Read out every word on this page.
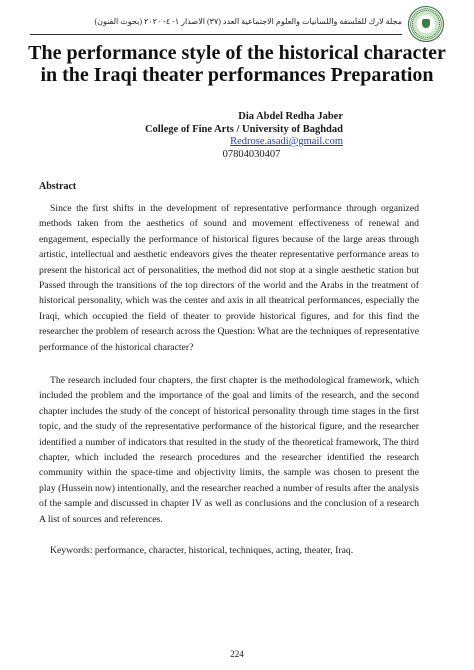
مجلة لارك للفلسفة واللسانيات والعلوم الاجتماعية العدد (٣٧) الاصدار ١- ٤- ٢٠٢٠ (بحوث الفنون)
The performance style of the historical character in the Iraqi theater performances Preparation
Dia Abdel Redha Jaber
College of Fine Arts / University of Baghdad
Redrose.asadi@gmail.com
07804030407
Abstract

Since the first shifts in the development of representative performance through organized methods taken from the aesthetics of sound and movement effectiveness of renewal and engagement, especially the performance of historical figures because of the large areas through artistic, intellectual and aesthetic endeavors gives the theater representative performance areas to present the historical act of personalities, the method did not stop at a single aesthetic station but Passed through the transitions of the top directors of the world and the Arabs in the treatment of historical personality, which was the center and axis in all theatrical performances, especially the Iraqi, which occupied the field of theater to provide historical figures, and for this find the researcher the problem of research across the Question: What are the techniques of representative performance of the historical character?

The research included four chapters, the first chapter is the methodological framework, which included the problem and the importance of the goal and limits of the research, and the second chapter includes the study of the concept of historical personality through time stages in the first topic, and the study of the representative performance of the historical figure, and the researcher identified a number of indicators that resulted in the study of the theoretical framework, The third chapter, which included the research procedures and the researcher identified the research community within the space-time and objectivity limits, the sample was chosen to present the play (Hussein now) intentionally, and the researcher reached a number of results after the analysis of the sample and discussed in chapter IV as well as conclusions and the conclusion of a research A list of sources and references.

Keywords: performance, character, historical, techniques, acting, theater, Iraq.

224
